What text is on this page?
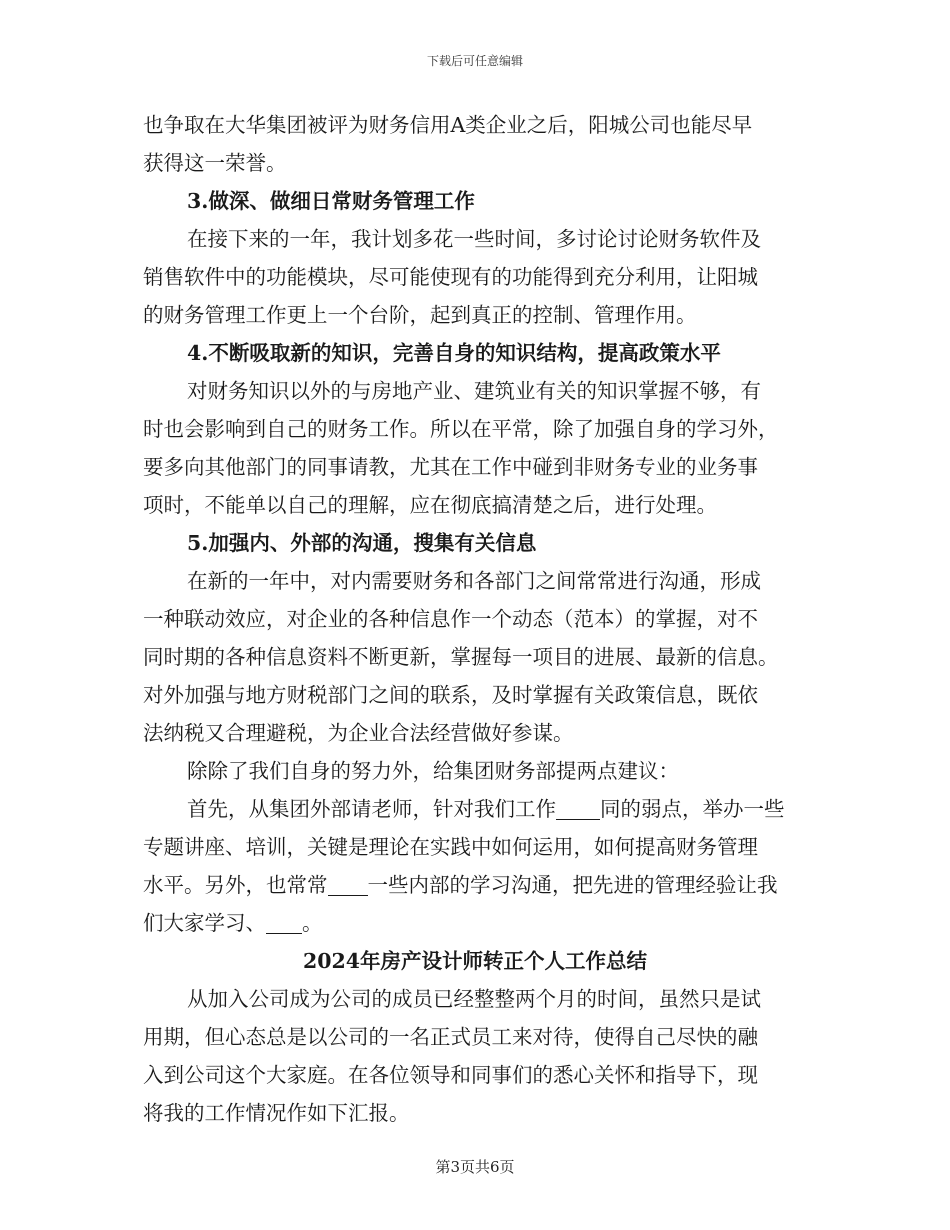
下载后可任意编辑
也争取在大华集团被评为财务信用A类企业之后，阳城公司也能尽早
获得这一荣誉。
3.做深、做细日常财务管理工作
在接下来的一年，我计划多花一些时间，多讨论讨论财务软件及
销售软件中的功能模块，尽可能使现有的功能得到充分利用，让阳城
的财务管理工作更上一个台阶，起到真正的控制、管理作用。
4.不断吸取新的知识，完善自身的知识结构，提高政策水平
对财务知识以外的与房地产业、建筑业有关的知识掌握不够，有
时也会影响到自己的财务工作。所以在平常，除了加强自身的学习外，
要多向其他部门的同事请教，尤其在工作中碰到非财务专业的业务事
项时，不能单以自己的理解，应在彻底搞清楚之后，进行处理。
5.加强内、外部的沟通，搜集有关信息
在新的一年中，对内需要财务和各部门之间常常进行沟通，形成
一种联动效应，对企业的各种信息作一个动态（范本）的掌握，对不
同时期的各种信息资料不断更新，掌握每一项目的进展、最新的信息。
对外加强与地方财税部门之间的联系，及时掌握有关政策信息，既依
法纳税又合理避税，为企业合法经营做好参谋。
除除了我们自身的努力外，给集团财务部提两点建议：
首先，从集团外部请老师，针对我们工作 同的弱点，举办一些
专题讲座、培训，关键是理论在实践中如何运用，如何提高财务管理
水平。另外，也常常 一些内部的学习沟通，把先进的管理经验让我
们大家学习、 。
2024年房产设计师转正个人工作总结
从加入公司成为公司的成员已经整整两个月的时间，虽然只是试
用期，但心态总是以公司的一名正式员工来对待，使得自己尽快的融
入到公司这个大家庭。在各位领导和同事们的悉心关怀和指导下，现
将我的工作情况作如下汇报。
第3页共6页
